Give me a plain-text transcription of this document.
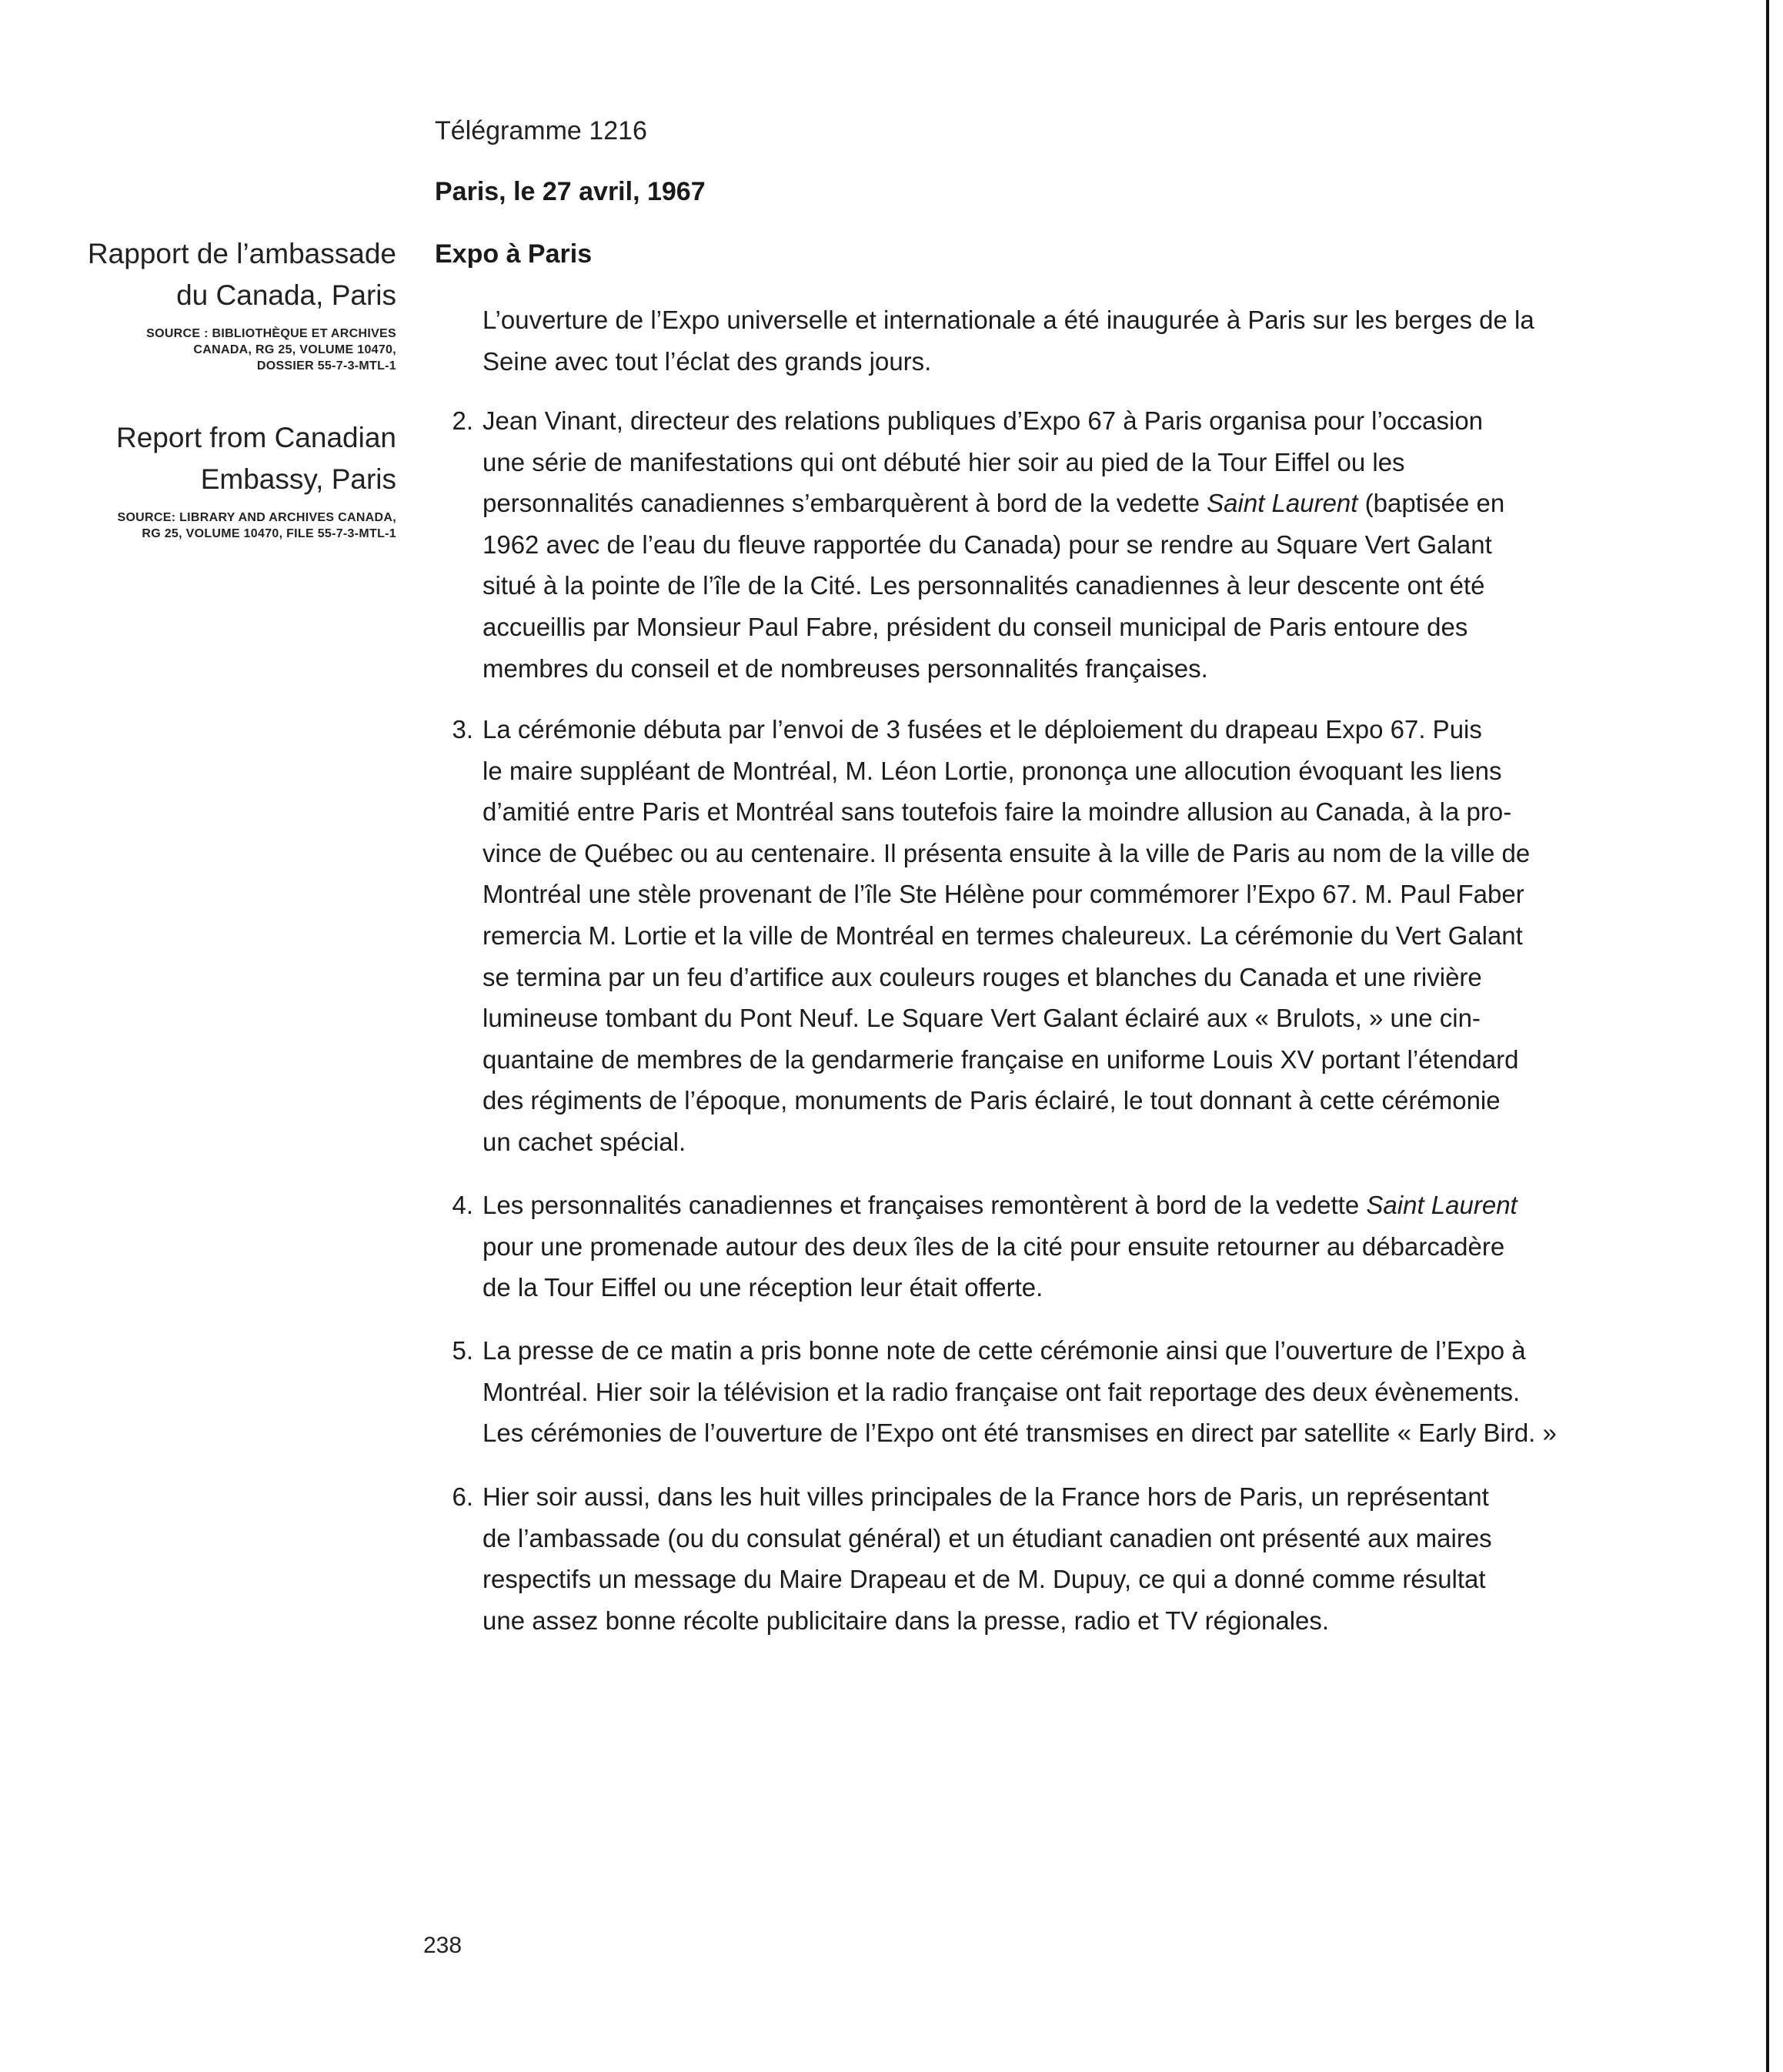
Télégramme 1216
Paris, le 27 avril, 1967
Expo à Paris
Rapport de l’ambassade
du Canada, Paris
SOURCE : BIBLIOTHÈQUE ET ARCHIVES
CANADA, RG 25, VOLUME 10470,
DOSSIER 55-7-3-MTL-1
Report from Canadian
Embassy, Paris
SOURCE: LIBRARY AND ARCHIVES CANADA,
RG 25, VOLUME 10470, FILE 55-7-3-MTL-1
L’ouverture de l’Expo universelle et internationale a été inaugurée à Paris sur les berges de la
Seine avec tout l’éclat des grands jours.
2. Jean Vinant, directeur des relations publiques d’Expo 67 à Paris organisa pour l’occasion
une série de manifestations qui ont débuté hier soir au pied de la Tour Eiffel ou les
personnalités canadiennes s’embarquèrent à bord de la vedette Saint Laurent (baptisée en
1962 avec de l’eau du fleuve rapportée du Canada) pour se rendre au Square Vert Galant
situé à la pointe de l’île de la Cité. Les personnalités canadiennes à leur descente ont été
accueillis par Monsieur Paul Fabre, président du conseil municipal de Paris entoure des
membres du conseil et de nombreuses personnalités françaises.
3. La cérémonie débuta par l’envoi de 3 fusées et le déploiement du drapeau Expo 67. Puis
le maire suppléant de Montréal, M. Léon Lortie, prononça une allocution évoquant les liens
d’amitié entre Paris et Montréal sans toutefois faire la moindre allusion au Canada, à la pro-
vince de Québec ou au centenaire. Il présenta ensuite à la ville de Paris au nom de la ville de
Montréal une stèle provenant de l’île Ste Hélène pour commémorer l’Expo 67. M. Paul Faber
remercia M. Lortie et la ville de Montréal en termes chaleureux. La cérémonie du Vert Galant
se termina par un feu d’artifice aux couleurs rouges et blanches du Canada et une rivière
lumineuse tombant du Pont Neuf. Le Square Vert Galant éclairé aux « Brulots, » une cin-
quantaine de membres de la gendarmerie française en uniforme Louis XV portant l’étendard
des régiments de l’époque, monuments de Paris éclairé, le tout donnant à cette cérémonie
un cachet spécial.
4. Les personnalités canadiennes et françaises remontèrent à bord de la vedette Saint Laurent
pour une promenade autour des deux îles de la cité pour ensuite retourner au débarcadère
de la Tour Eiffel ou une réception leur était offerte.
5. La presse de ce matin a pris bonne note de cette cérémonie ainsi que l’ouverture de l’Expo à
Montréal. Hier soir la télévision et la radio française ont fait reportage des deux évènements.
Les cérémonies de l’ouverture de l’Expo ont été transmises en direct par satellite « Early Bird. »
6. Hier soir aussi, dans les huit villes principales de la France hors de Paris, un représentant
de l’ambassade (ou du consulat général) et un étudiant canadien ont présenté aux maires
respectifs un message du Maire Drapeau et de M. Dupuy, ce qui a donné comme résultat
une assez bonne récolte publicitaire dans la presse, radio et TV régionales.
238
